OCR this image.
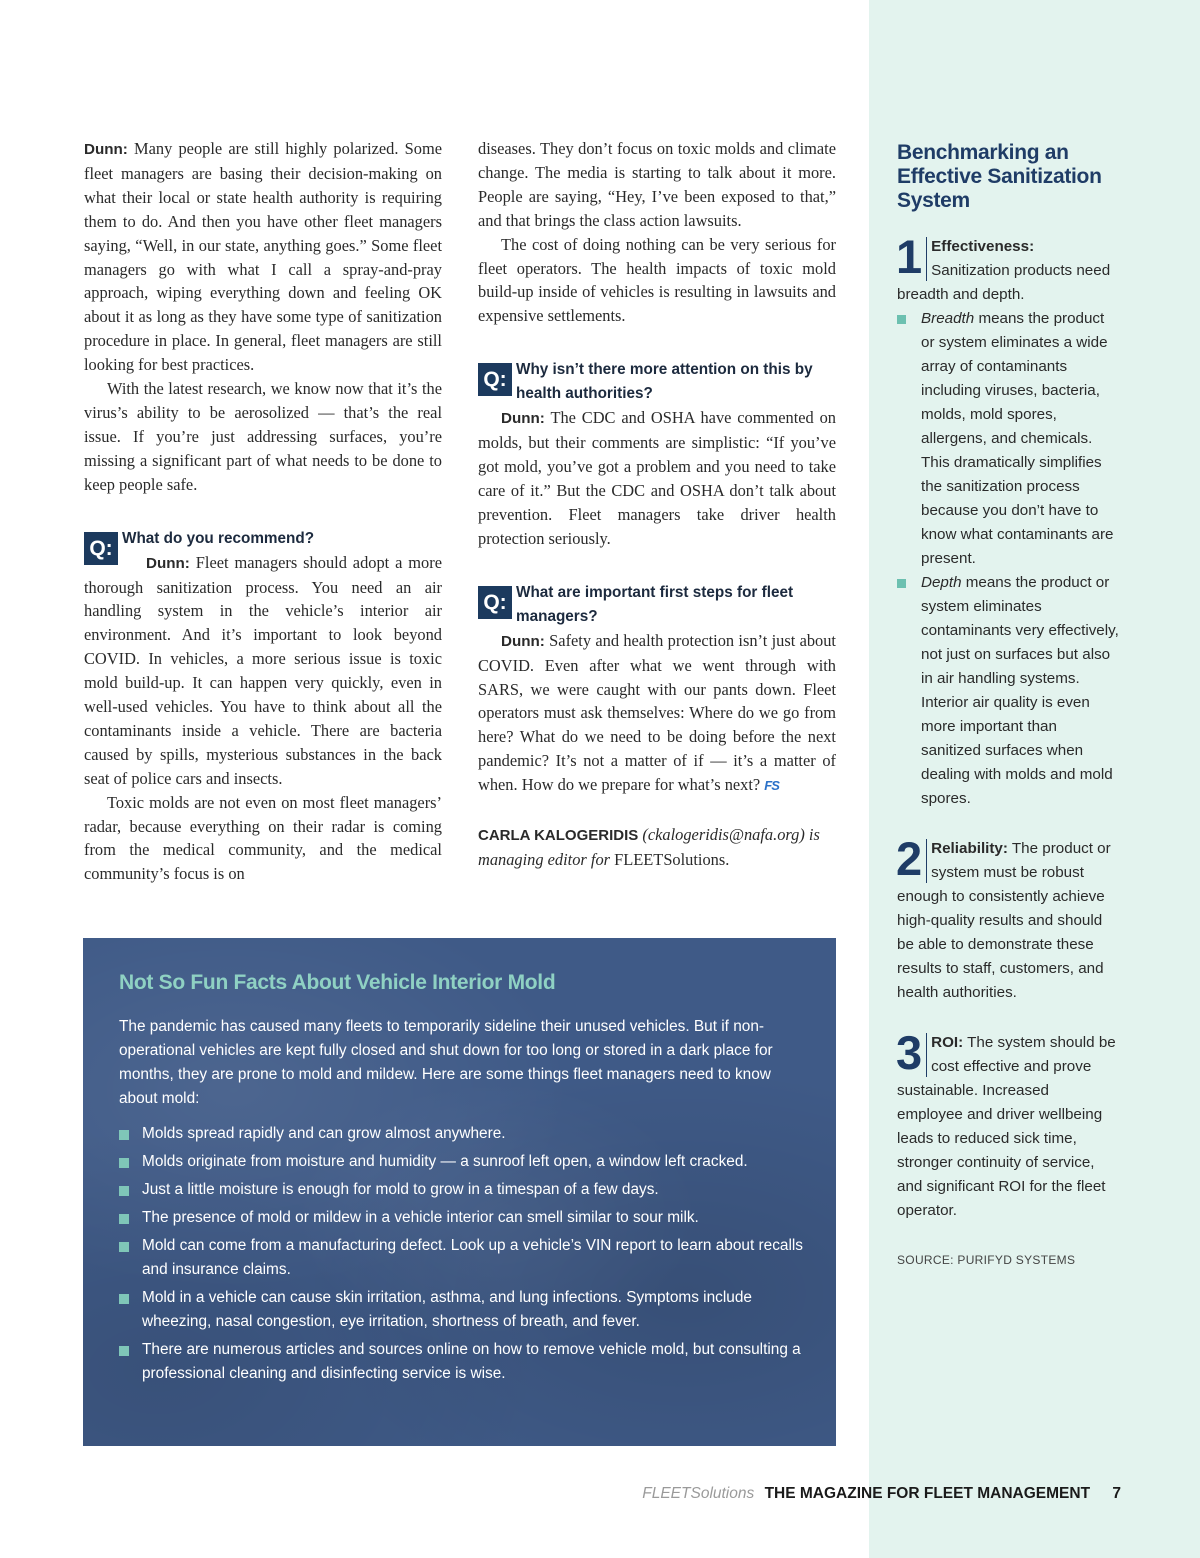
Dunn: Many people are still highly polarized. Some fleet managers are basing their decision-making on what their local or state health authority is requiring them to do. And then you have other fleet managers saying, “Well, in our state, anything goes.” Some fleet managers go with what I call a spray-and-pray approach, wiping everything down and feeling OK about it as long as they have some type of sanitization procedure in place. In general, fleet managers are still looking for best practices.

With the latest research, we know now that it’s the virus’s ability to be aerosolized — that’s the real issue. If you’re just addressing surfaces, you’re missing a significant part of what needs to be done to keep people safe.

Q: What do you recommend?

Dunn: Fleet managers should adopt a more thorough sanitization process. You need an air handling system in the vehicle’s interior air environment. And it’s important to look beyond COVID. In vehicles, a more serious issue is toxic mold build-up. It can happen very quickly, even in well-used vehicles. You have to think about all the contaminants inside a vehicle. There are bacteria caused by spills, mysterious substances in the back seat of police cars and insects.

Toxic molds are not even on most fleet managers’ radar, because everything on their radar is coming from the medical community, and the medical community’s focus is on

diseases. They don’t focus on toxic molds and climate change. The media is starting to talk about it more. People are saying, “Hey, I’ve been exposed to that,” and that brings the class action lawsuits.

The cost of doing nothing can be very serious for fleet operators. The health impacts of toxic mold build-up inside of vehicles is resulting in lawsuits and expensive settlements.

Q: Why isn’t there more attention on this by health authorities?

Dunn: The CDC and OSHA have commented on molds, but their comments are simplistic: “If you’ve got mold, you’ve got a problem and you need to take care of it.” But the CDC and OSHA don’t talk about prevention. Fleet managers take driver health protection seriously.

Q: What are important first steps for fleet managers?

Dunn: Safety and health protection isn’t just about COVID. Even after what we went through with SARS, we were caught with our pants down. Fleet operators must ask themselves: Where do we go from here? What do we need to be doing before the next pandemic? It’s not a matter of if — it’s a matter of when. How do we prepare for what’s next? FS

CARLA KALOGERIDIS (ckalogeridis@nafa.org) is managing editor for FLEETSolutions.
Not So Fun Facts About Vehicle Interior Mold
The pandemic has caused many fleets to temporarily sideline their unused vehicles. But if non-operational vehicles are kept fully closed and shut down for too long or stored in a dark place for months, they are prone to mold and mildew. Here are some things fleet managers need to know about mold:
Molds spread rapidly and can grow almost anywhere.
Molds originate from moisture and humidity — a sunroof left open, a window left cracked.
Just a little moisture is enough for mold to grow in a timespan of a few days.
The presence of mold or mildew in a vehicle interior can smell similar to sour milk.
Mold can come from a manufacturing defect. Look up a vehicle’s VIN report to learn about recalls and insurance claims.
Mold in a vehicle can cause skin irritation, asthma, and lung infections. Symptoms include wheezing, nasal congestion, eye irritation, shortness of breath, and fever.
There are numerous articles and sources online on how to remove vehicle mold, but consulting a professional cleaning and disinfecting service is wise.
Benchmarking an Effective Sanitization System
1 Effectiveness:
Sanitization products need breadth and depth.
Breadth means the product or system eliminates a wide array of contaminants including viruses, bacteria, molds, mold spores, allergens, and chemicals. This dramatically simplifies the sanitization process because you don’t have to know what contaminants are present.
Depth means the product or system eliminates contaminants very effectively, not just on surfaces but also in air handling systems. Interior air quality is even more important than sanitized surfaces when dealing with molds and mold spores.
2 Reliability: The product or system must be robust enough to consistently achieve high-quality results and should be able to demonstrate these results to staff, customers, and health authorities.
3 ROI: The system should be cost effective and prove sustainable. Increased employee and driver wellbeing leads to reduced sick time, stronger continuity of service, and significant ROI for the fleet operator.
SOURCE: PURIFYD SYSTEMS
FLEETSolutions THE MAGAZINE FOR FLEET MANAGEMENT 7
